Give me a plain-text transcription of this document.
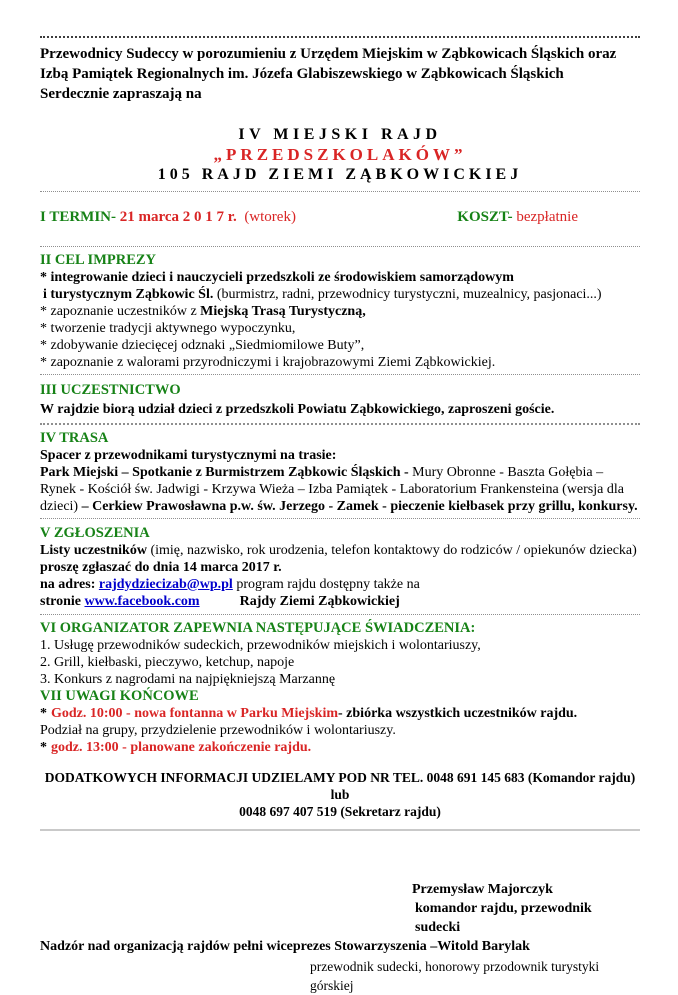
Przewodnicy Sudeccy w porozumieniu z Urzędem Miejskim w Ząbkowicach Śląskich oraz
Izbą Pamiątek Regionalnych im. Józefa Glabiszewskiego w Ząbkowicach Śląskich
Serdecznie zapraszają na
IV MIEJSKI RAJD
„PRZEDSZKOLAKÓW”
105 RAJD ZIEMI ZĄBKOWICKIEJ
I TERMIN- 21 marca 2 0 1 7 r.  (wtorek)	KOSZT- bezpłatnie
II CEL IMPREZY
* integrowanie dzieci i nauczycieli przedszkoli ze środowiskiem samorządowym
i turystycznym Ząbkowic Śl. (burmistrz, radni, przewodnicy turystyczni, muzealnicy, pasjonaci...)
* zapoznanie uczestników z Miejską Trasą Turystyczną,
* tworzenie tradycji aktywnego wypoczynku,
* zdobywanie dziecięcej odznaki „Siedmiomilowe Buty”,
* zapoznanie z walorami przyrodniczymi i krajobrazowymi Ziemi Ząbkowickiej.
III UCZESTNICTWO
W rajdzie biorą udział dzieci z przedszkoli Powiatu Ząbkowickiego, zaproszeni goście.
IV TRASA
Spacer z przewodnikami turystycznymi na trasie:
Park Miejski – Spotkanie z Burmistrzem Ząbkowic Śląskich - Mury Obronne - Baszta Gołębia – Rynek - Kościół św. Jadwigi - Krzywa Wieża – Izba Pamiątek - Laboratorium Frankensteina (wersja dla dzieci) – Cerkiew Prawosławna p.w. św. Jerzego - Zamek - pieczenie kiełbasek przy grillu, konkursy.
V ZGŁOSZENIA
Listy uczestników (imię, nazwisko, rok urodzenia, telefon kontaktowy do rodziców / opiekunów dziecka) proszę zgłaszać do dnia 14 marca 2017 r.
na adres: rajdydziecizab@wp.pl program rajdu dostępny także na
stronie www.facebook.com	Rajdy Ziemi Ząbkowickiej
VI ORGANIZATOR ZAPEWNIA NASTĘPUJĄCE ŚWIADCZENIA:
1. Usługę przewodników sudeckich, przewodników miejskich i wolontariuszy,
2. Grill, kiełbaski, pieczywo, ketchup, napoje
3. Konkurs z nagrodami na najpiękniejszą Marzannę
VII UWAGI KOŃCOWE
* Godz. 10:00 - nowa fontanna w Parku Miejskim- zbiórka wszystkich uczestników rajdu.
Podział na grupy, przydzielenie przewodników i wolontariuszy.
* godz. 13:00 - planowane zakończenie rajdu.
DODATKOWYCH INFORMACJI UDZIELAMY POD NR TEL. 0048 691 145 683 (Komandor rajdu) lub
0048 697 407 519 (Sekretarz rajdu)
Przemysław Majorczyk
komandor rajdu, przewodnik sudecki
Nadzór nad organizacją rajdów pełni wiceprezes Stowarzyszenia –Witold Barylak
przewodnik sudecki, honorowy przodownik turystyki górskiej
